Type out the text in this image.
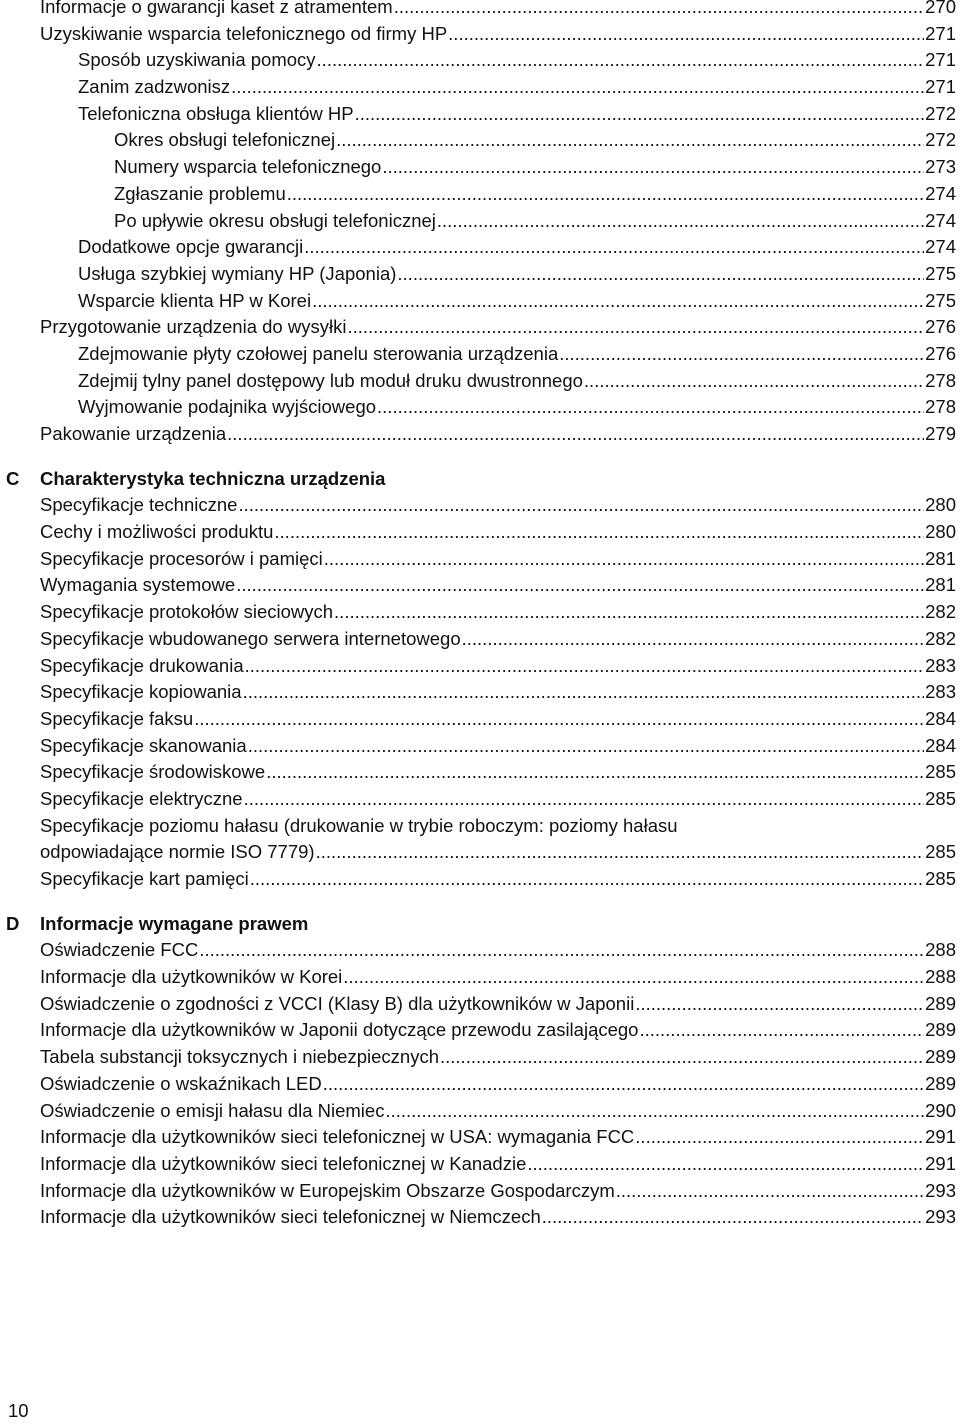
Informacje o gwarancji kaset z atramentem .....	270
Uzyskiwanie wsparcia telefonicznego od firmy HP .....	271
Sposób uzyskiwania pomocy .....	271
Zanim zadzwonisz .....	271
Telefoniczna obsługa klientów HP .....	272
Okres obsługi telefonicznej .....	272
Numery wsparcia telefonicznego .....	273
Zgłaszanie problemu .....	274
Po upływie okresu obsługi telefonicznej .....	274
Dodatkowe opcje gwarancji .....	274
Usługa szybkiej wymiany HP (Japonia) .....	275
Wsparcie klienta HP w Korei .....	275
Przygotowanie urządzenia do wysyłki .....	276
Zdejmowanie płyty czołowej panelu sterowania urządzenia .....	276
Zdejmij tylny panel dostępowy lub moduł druku dwustronnego .....	278
Wyjmowanie podajnika wyjściowego .....	278
Pakowanie urządzenia .....	279
C Charakterystyka techniczna urządzenia
Specyfikacje techniczne .....	280
Cechy i możliwości produktu .....	280
Specyfikacje procesorów i pamięci .....	281
Wymagania systemowe .....	281
Specyfikacje protokołów sieciowych .....	282
Specyfikacje wbudowanego serwera internetowego .....	282
Specyfikacje drukowania .....	283
Specyfikacje kopiowania .....	283
Specyfikacje faksu .....	284
Specyfikacje skanowania .....	284
Specyfikacje środowiskowe .....	285
Specyfikacje elektryczne .....	285
Specyfikacje poziomu hałasu (drukowanie w trybie roboczym: poziomy hałasu
odpowiadające normie ISO 7779) .....	285
Specyfikacje kart pamięci .....	285
D Informacje wymagane prawem
Oświadczenie FCC .....	288
Informacje dla użytkowników w Korei .....	288
Oświadczenie o zgodności z VCCI (Klasy B) dla użytkowników w Japonii .....	289
Informacje dla użytkowników w Japonii dotyczące przewodu zasilającego .....	289
Tabela substancji toksycznych i niebezpiecznych .....	289
Oświadczenie o wskaźnikach LED .....	289
Oświadczenie o emisji hałasu dla Niemiec .....	290
Informacje dla użytkowników sieci telefonicznej w USA: wymagania FCC .....	291
Informacje dla użytkowników sieci telefonicznej w Kanadzie .....	291
Informacje dla użytkowników w Europejskim Obszarze Gospodarczym .....	293
Informacje dla użytkowników sieci telefonicznej w Niemczech .....	293
10
